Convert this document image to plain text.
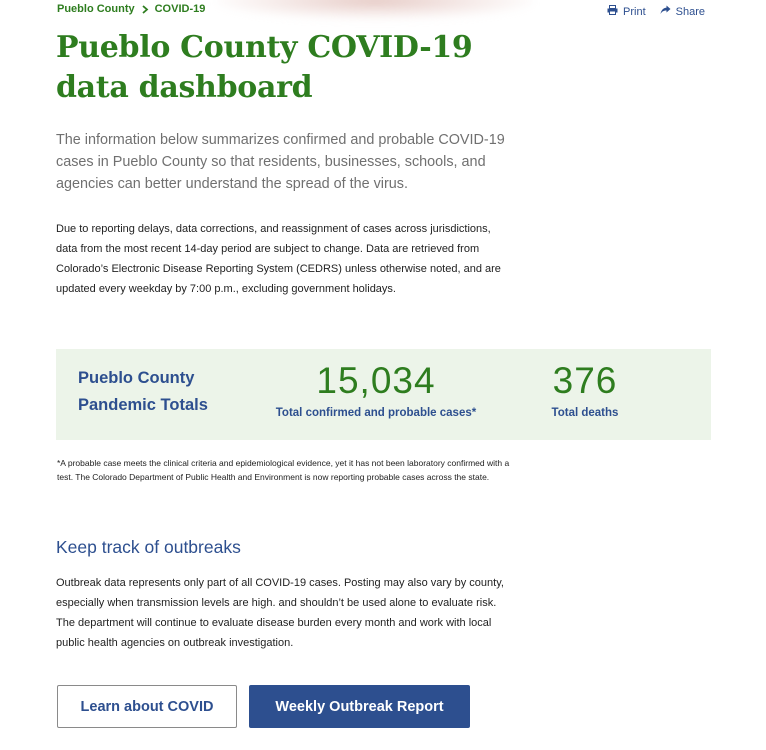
Pueblo County COVID-19	Print	Share
Pueblo County COVID-19 data dashboard

The information below summarizes confirmed and probable COVID-19 cases in Pueblo County so that residents, businesses, schools, and agencies can better understand the spread of the virus.

Due to reporting delays, data corrections, and reassignment of cases across jurisdictions, data from the most recent 14-day period are subject to change. Data are retrieved from Colorado’s Electronic Disease Reporting System (CEDRS) unless otherwise noted, and are updated every weekday by 7:00 p.m., excluding government holidays.

Pueblo County Pandemic Totals
15,034
Total confirmed and probable cases*
376
Total deaths

*A probable case meets the clinical criteria and epidemiological evidence, yet it has not been laboratory confirmed with a test. The Colorado Department of Public Health and Environment is now reporting probable cases across the state.

Keep track of outbreaks

Outbreak data represents only part of all COVID-19 cases. Posting may also vary by county, especially when transmission levels are high. and shouldn’t be used alone to evaluate risk. The department will continue to evaluate disease burden every month and work with local public health agencies on outbreak investigation.

Learn about COVID	Weekly Outbreak Report
